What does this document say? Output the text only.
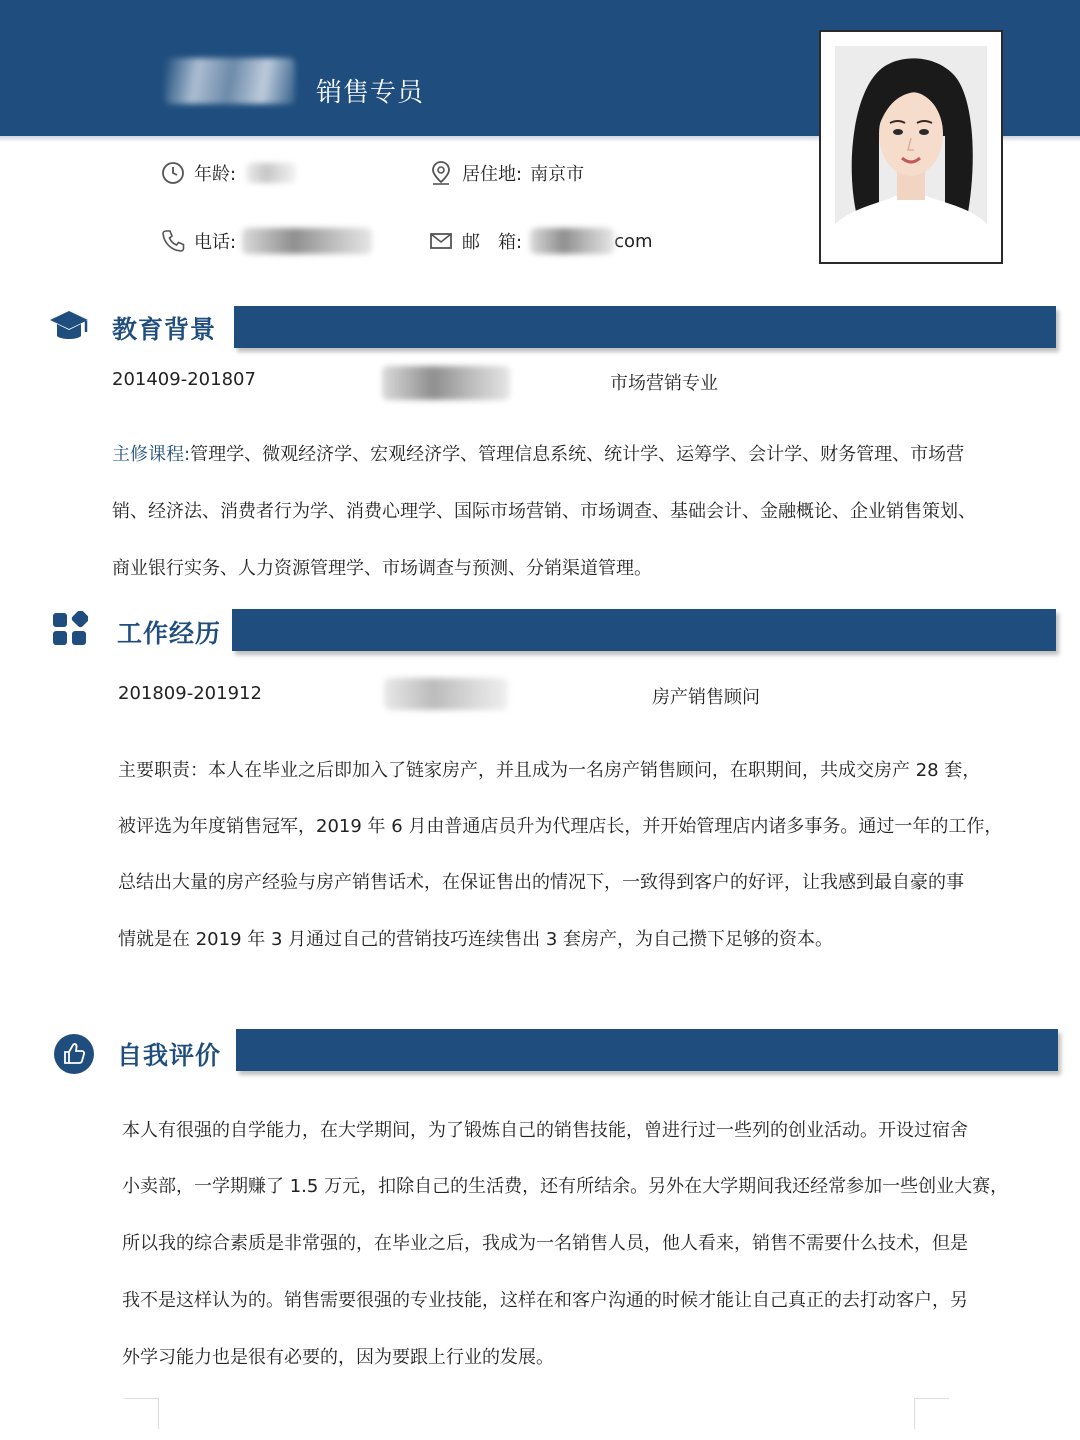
销售专员
年龄:	居住地: 南京市
电话:	邮　箱:	com
教育背景
201409-201807	市场营销专业
主修课程:管理学、微观经济学、宏观经济学、管理信息系统、统计学、运筹学、会计学、财务管理、市场营
销、经济法、消费者行为学、消费心理学、国际市场营销、市场调查、基础会计、金融概论、企业销售策划、
商业银行实务、人力资源管理学、市场调查与预测、分销渠道管理。
工作经历
201809-201912	房产销售顾问
主要职责：本人在毕业之后即加入了链家房产，并且成为一名房产销售顾问，在职期间，共成交房产 28 套，
被评选为年度销售冠军，2019 年 6 月由普通店员升为代理店长，并开始管理店内诸多事务。通过一年的工作，
总结出大量的房产经验与房产销售话术，在保证售出的情况下，一致得到客户的好评，让我感到最自豪的事
情就是在 2019 年 3 月通过自己的营销技巧连续售出 3 套房产，为自己攒下足够的资本。
自我评价
本人有很强的自学能力，在大学期间，为了锻炼自己的销售技能，曾进行过一些列的创业活动。开设过宿舍
小卖部，一学期赚了 1.5 万元，扣除自己的生活费，还有所结余。另外在大学期间我还经常参加一些创业大赛，
所以我的综合素质是非常强的，在毕业之后，我成为一名销售人员，他人看来，销售不需要什么技术，但是
我不是这样认为的。销售需要很强的专业技能，这样在和客户沟通的时候才能让自己真正的去打动客户，另
外学习能力也是很有必要的，因为要跟上行业的发展。
